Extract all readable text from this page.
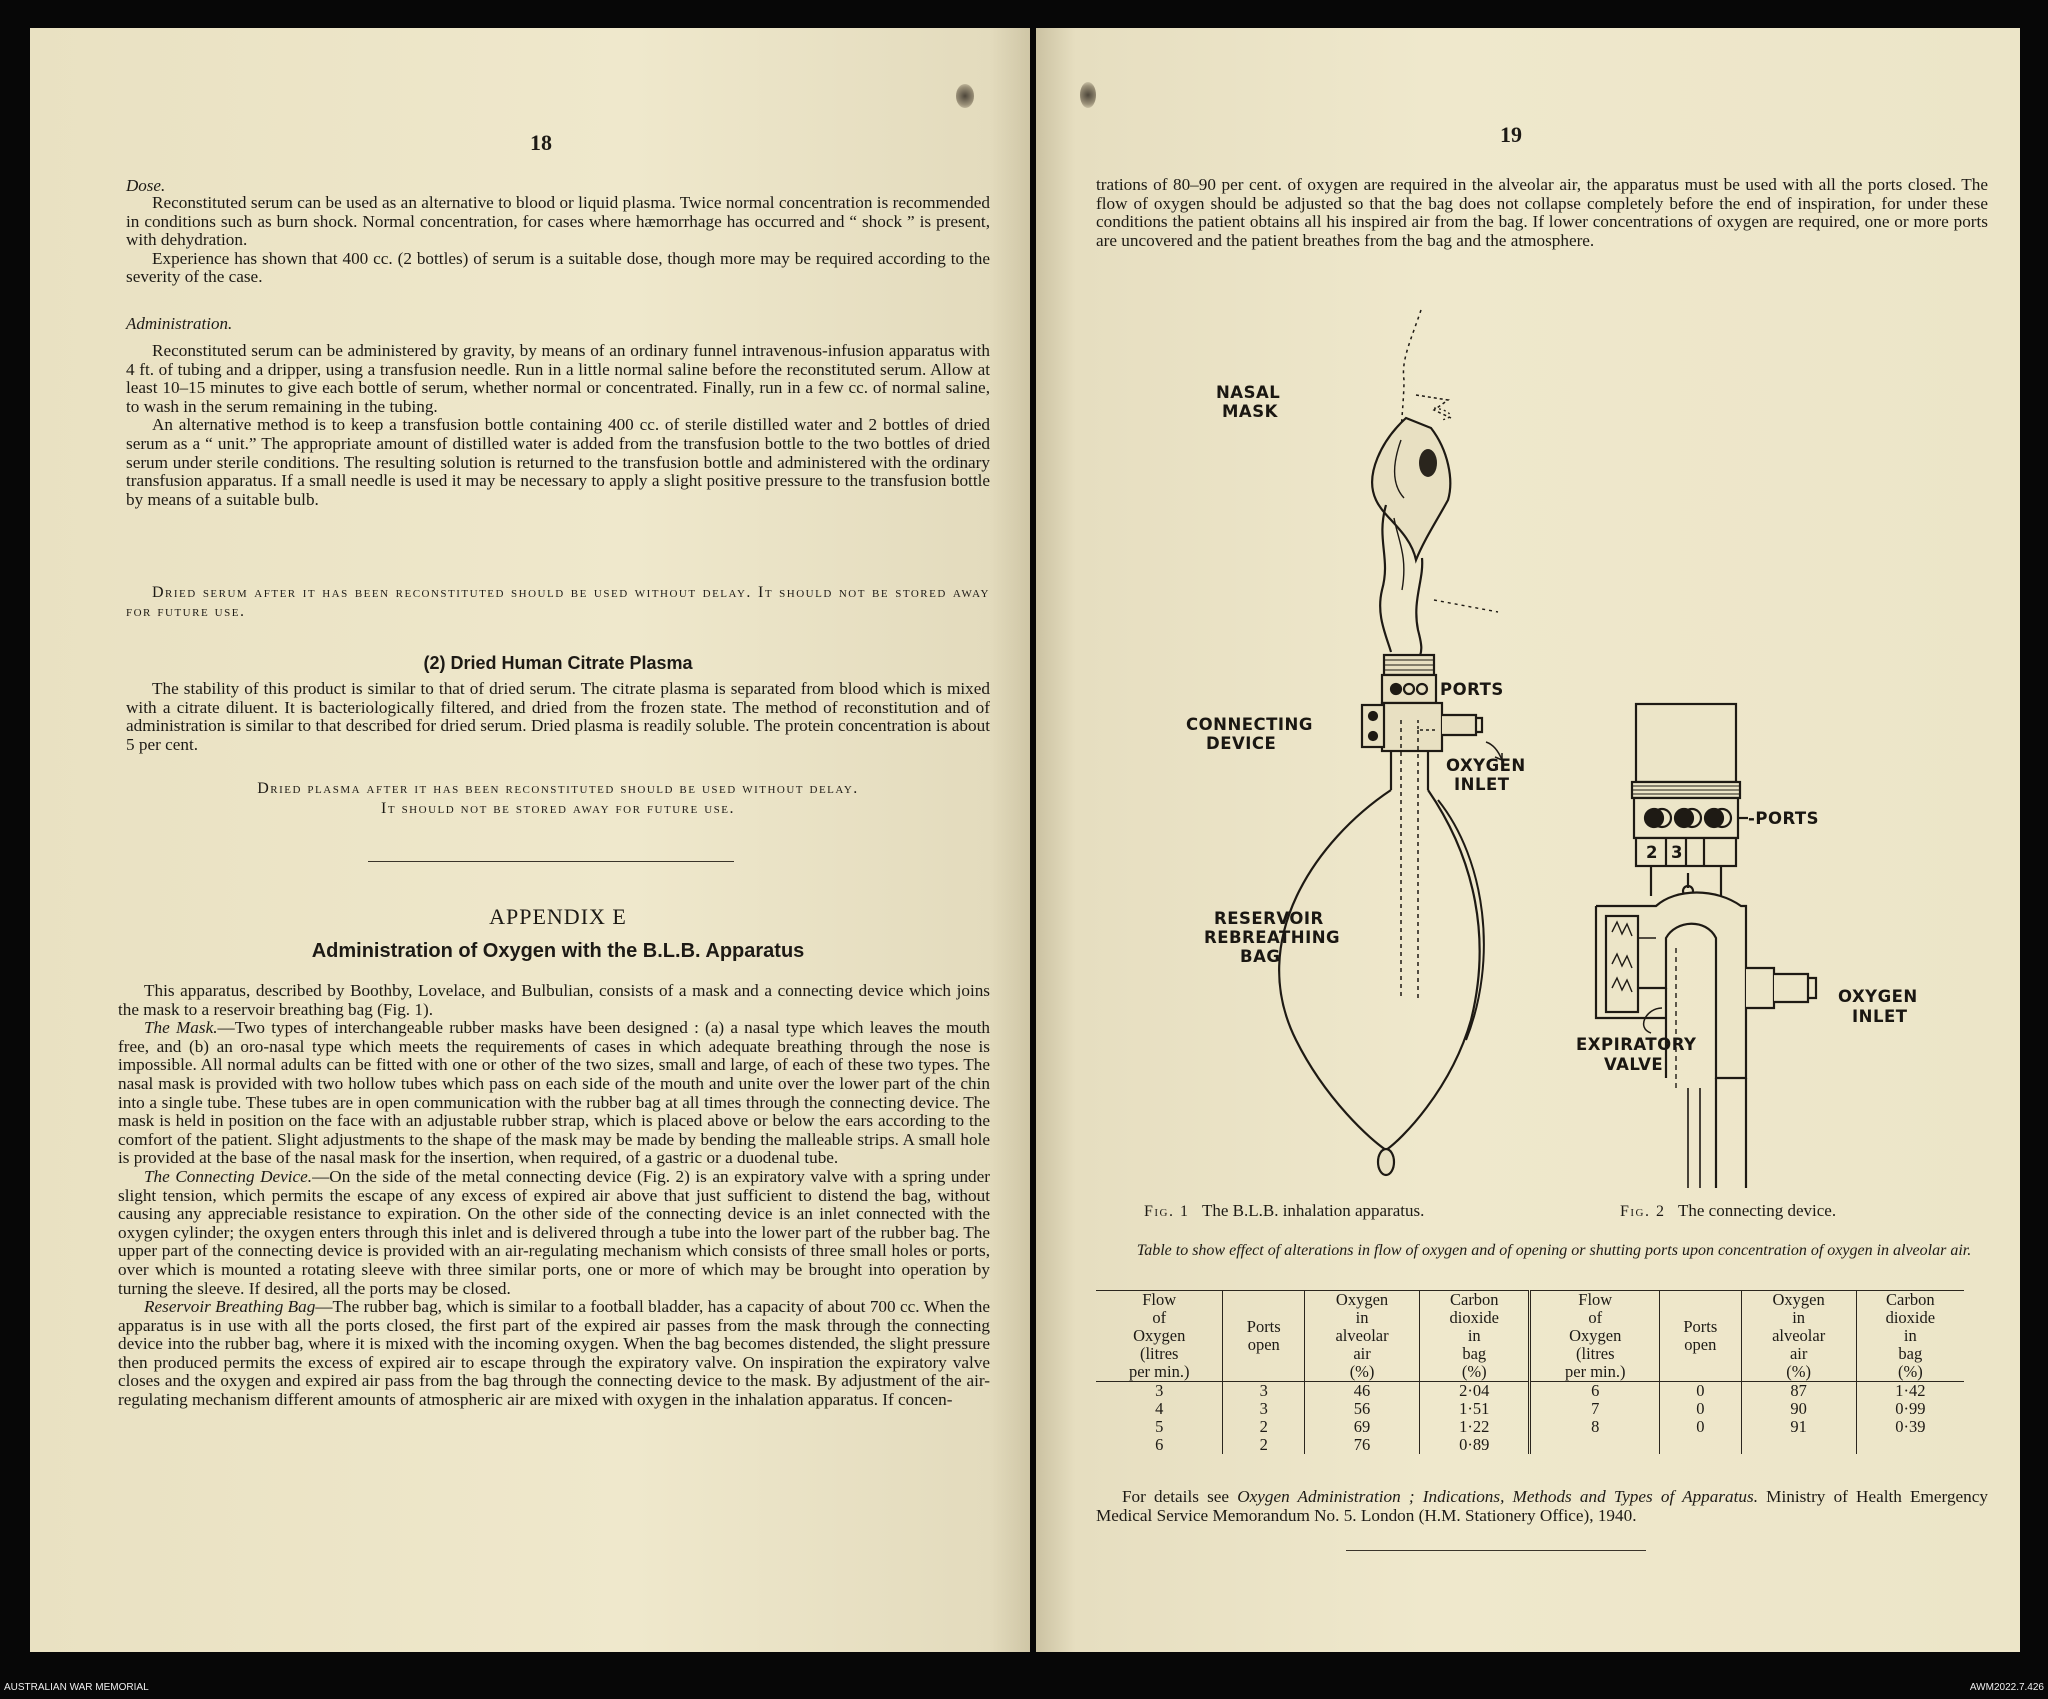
18
Dose.

Reconstituted serum can be used as an alternative to blood or liquid plasma. Twice normal concentration is recommended in conditions such as burn shock. Normal concentration, for cases where hæmorrhage has occurred and “ shock ” is present, with dehydration.

Experience has shown that 400 cc. (2 bottles) of serum is a suitable dose, though more may be required according to the severity of the case.

Administration.

Reconstituted serum can be administered by gravity, by means of an ordinary funnel intravenous-infusion apparatus with 4 ft. of tubing and a dripper, using a transfusion needle. Run in a little normal saline before the reconstituted serum. Allow at least 10–15 minutes to give each bottle of serum, whether normal or concentrated. Finally, run in a few cc. of normal saline, to wash in the serum remaining in the tubing.

An alternative method is to keep a transfusion bottle containing 400 cc. of sterile distilled water and 2 bottles of dried serum as a “ unit.” The appropriate amount of distilled water is added from the transfusion bottle to the two bottles of dried serum under sterile conditions. The resulting solution is returned to the transfusion bottle and administered with the ordinary transfusion apparatus. If a small needle is used it may be necessary to apply a slight positive pressure to the transfusion bottle by means of a suitable bulb.

Dried serum after it has been reconstituted should be used without delay. It should not be stored away for future use.

(2) Dried Human Citrate Plasma

The stability of this product is similar to that of dried serum. The citrate plasma is separated from blood which is mixed with a citrate diluent. It is bacteriologically filtered, and dried from the frozen state. The method of reconstitution and of administration is similar to that described for dried serum. Dried plasma is readily soluble. The protein concentration is about 5 per cent.

Dried plasma after it has been reconstituted should be used without delay.
It should not be stored away for future use.
APPENDIX E
Administration of Oxygen with the B.L.B. Apparatus

This apparatus, described by Boothby, Lovelace, and Bulbulian, consists of a mask and a connecting device which joins the mask to a reservoir breathing bag (Fig. 1).

The Mask.—Two types of interchangeable rubber masks have been designed : (a) a nasal type which leaves the mouth free, and (b) an oro-nasal type which meets the requirements of cases in which adequate breathing through the nose is impossible. All normal adults can be fitted with one or other of the two sizes, small and large, of each of these two types. The nasal mask is provided with two hollow tubes which pass on each side of the mouth and unite over the lower part of the chin into a single tube. These tubes are in open communication with the rubber bag at all times through the connecting device. The mask is held in position on the face with an adjustable rubber strap, which is placed above or below the ears according to the comfort of the patient. Slight adjustments to the shape of the mask may be made by bending the malleable strips. A small hole is provided at the base of the nasal mask for the insertion, when required, of a gastric or a duodenal tube.

The Connecting Device.—On the side of the metal connecting device (Fig. 2) is an expiratory valve with a spring under slight tension, which permits the escape of any excess of expired air above that just sufficient to distend the bag, without causing any appreciable resistance to expiration. On the other side of the connecting device is an inlet connected with the oxygen cylinder; the oxygen enters through this inlet and is delivered through a tube into the lower part of the rubber bag. The upper part of the connecting device is provided with an air-regulating mechanism which consists of three small holes or ports, over which is mounted a rotating sleeve with three similar ports, one or more of which may be brought into operation by turning the sleeve. If desired, all the ports may be closed.

Reservoir Breathing Bag—The rubber bag, which is similar to a football bladder, has a capacity of about 700 cc. When the apparatus is in use with all the ports closed, the first part of the expired air passes from the mask through the connecting device into the rubber bag, where it is mixed with the incoming oxygen. When the bag becomes distended, the slight pressure then produced permits the excess of expired air to escape through the expiratory valve. On inspiration the expiratory valve closes and the oxygen and expired air pass from the bag through the connecting device to the mask. By adjustment of the air-regulating mechanism different amounts of atmospheric air are mixed with oxygen in the inhalation apparatus. If concen-

19

trations of 80–90 per cent. of oxygen are required in the alveolar air, the apparatus must be used with all the ports closed. The flow of oxygen should be adjusted so that the bag does not collapse completely before the end of inspiration, for under these conditions the patient obtains all his inspired air from the bag. If lower concentrations of oxygen are required, one or more ports are uncovered and the patient breathes from the bag and the atmosphere.

NASAL
MASK
PORTS
CONNECTING
DEVICE
OXYGEN
INLET
RESERVOIR
REBREATHING
BAG
2 3
-PORTS
OXYGEN
INLET
EXPIRATORY
VALVE
Fig. 1 The B.L.B. inhalation apparatus.	Fig. 2 The connecting device.
Table to show effect of alterations in flow of oxygen and of opening or shutting ports upon concentration of oxygen in alveolar air.
Flow
of
Oxygen
(litres
per min.)	Ports
open	Oxygen
in
alveolar
air
(%)	Carbon
dioxide
in
bag
(%)	Flow
of
Oxygen
(litres
per min.)	Ports
open	Oxygen
in
alveolar
air
(%)	Carbon
dioxide
in
bag
(%)
3	3	46	2·04	6	0	87	1·42
4	3	56	1·51	7	0	90	0·99
5	2	69	1·22	8	0	91	0·39
6	2	76	0·89				

For details see Oxygen Administration ; Indications, Methods and Types of Apparatus. Ministry of Health Emergency Medical Service Memorandum No. 5. London (H.M. Stationery Office), 1940.

AUSTRALIAN WAR MEMORIAL	AWM2022.7.426
